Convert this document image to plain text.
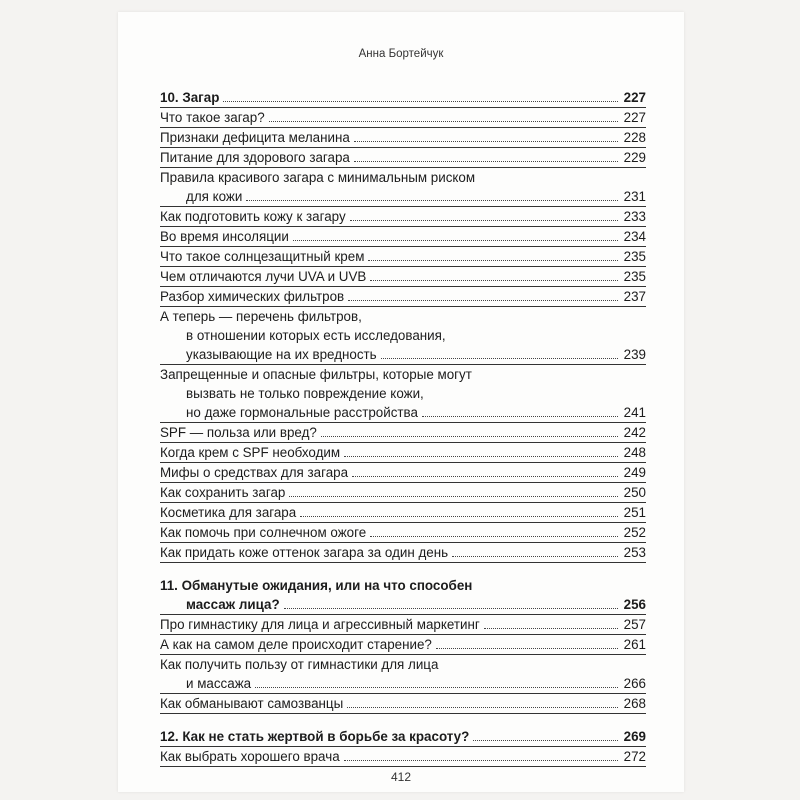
Анна Бортейчук
10. Загар	227
Что такое загар?	227
Признаки дефицита меланина	228
Питание для здорового загара	229
Правила красивого загара с минимальным риском
для кожи	231
Как подготовить кожу к загару	233
Во время инсоляции	234
Что такое солнцезащитный крем	235
Чем отличаются лучи UVA и UVB	235
Разбор химических фильтров	237
А теперь — перечень фильтров,
в отношении которых есть исследования,
указывающие на их вредность	239
Запрещенные и опасные фильтры, которые могут
вызвать не только повреждение кожи,
но даже гормональные расстройства	241
SPF — польза или вред?	242
Когда крем с SPF необходим	248
Мифы о средствах для загара	249
Как сохранить загар	250
Косметика для загара	251
Как помочь при солнечном ожоге	252
Как придать коже оттенок загара за один день	253
11. Обманутые ожидания, или на что способен
массаж лица?	256
Про гимнастику для лица и агрессивный маркетинг	257
А как на самом деле происходит старение?	261
Как получить пользу от гимнастики для лица
и массажа	266
Как обманывают самозванцы	268
12. Как не стать жертвой в борьбе за красоту?	269
Как выбрать хорошего врача	272
412
